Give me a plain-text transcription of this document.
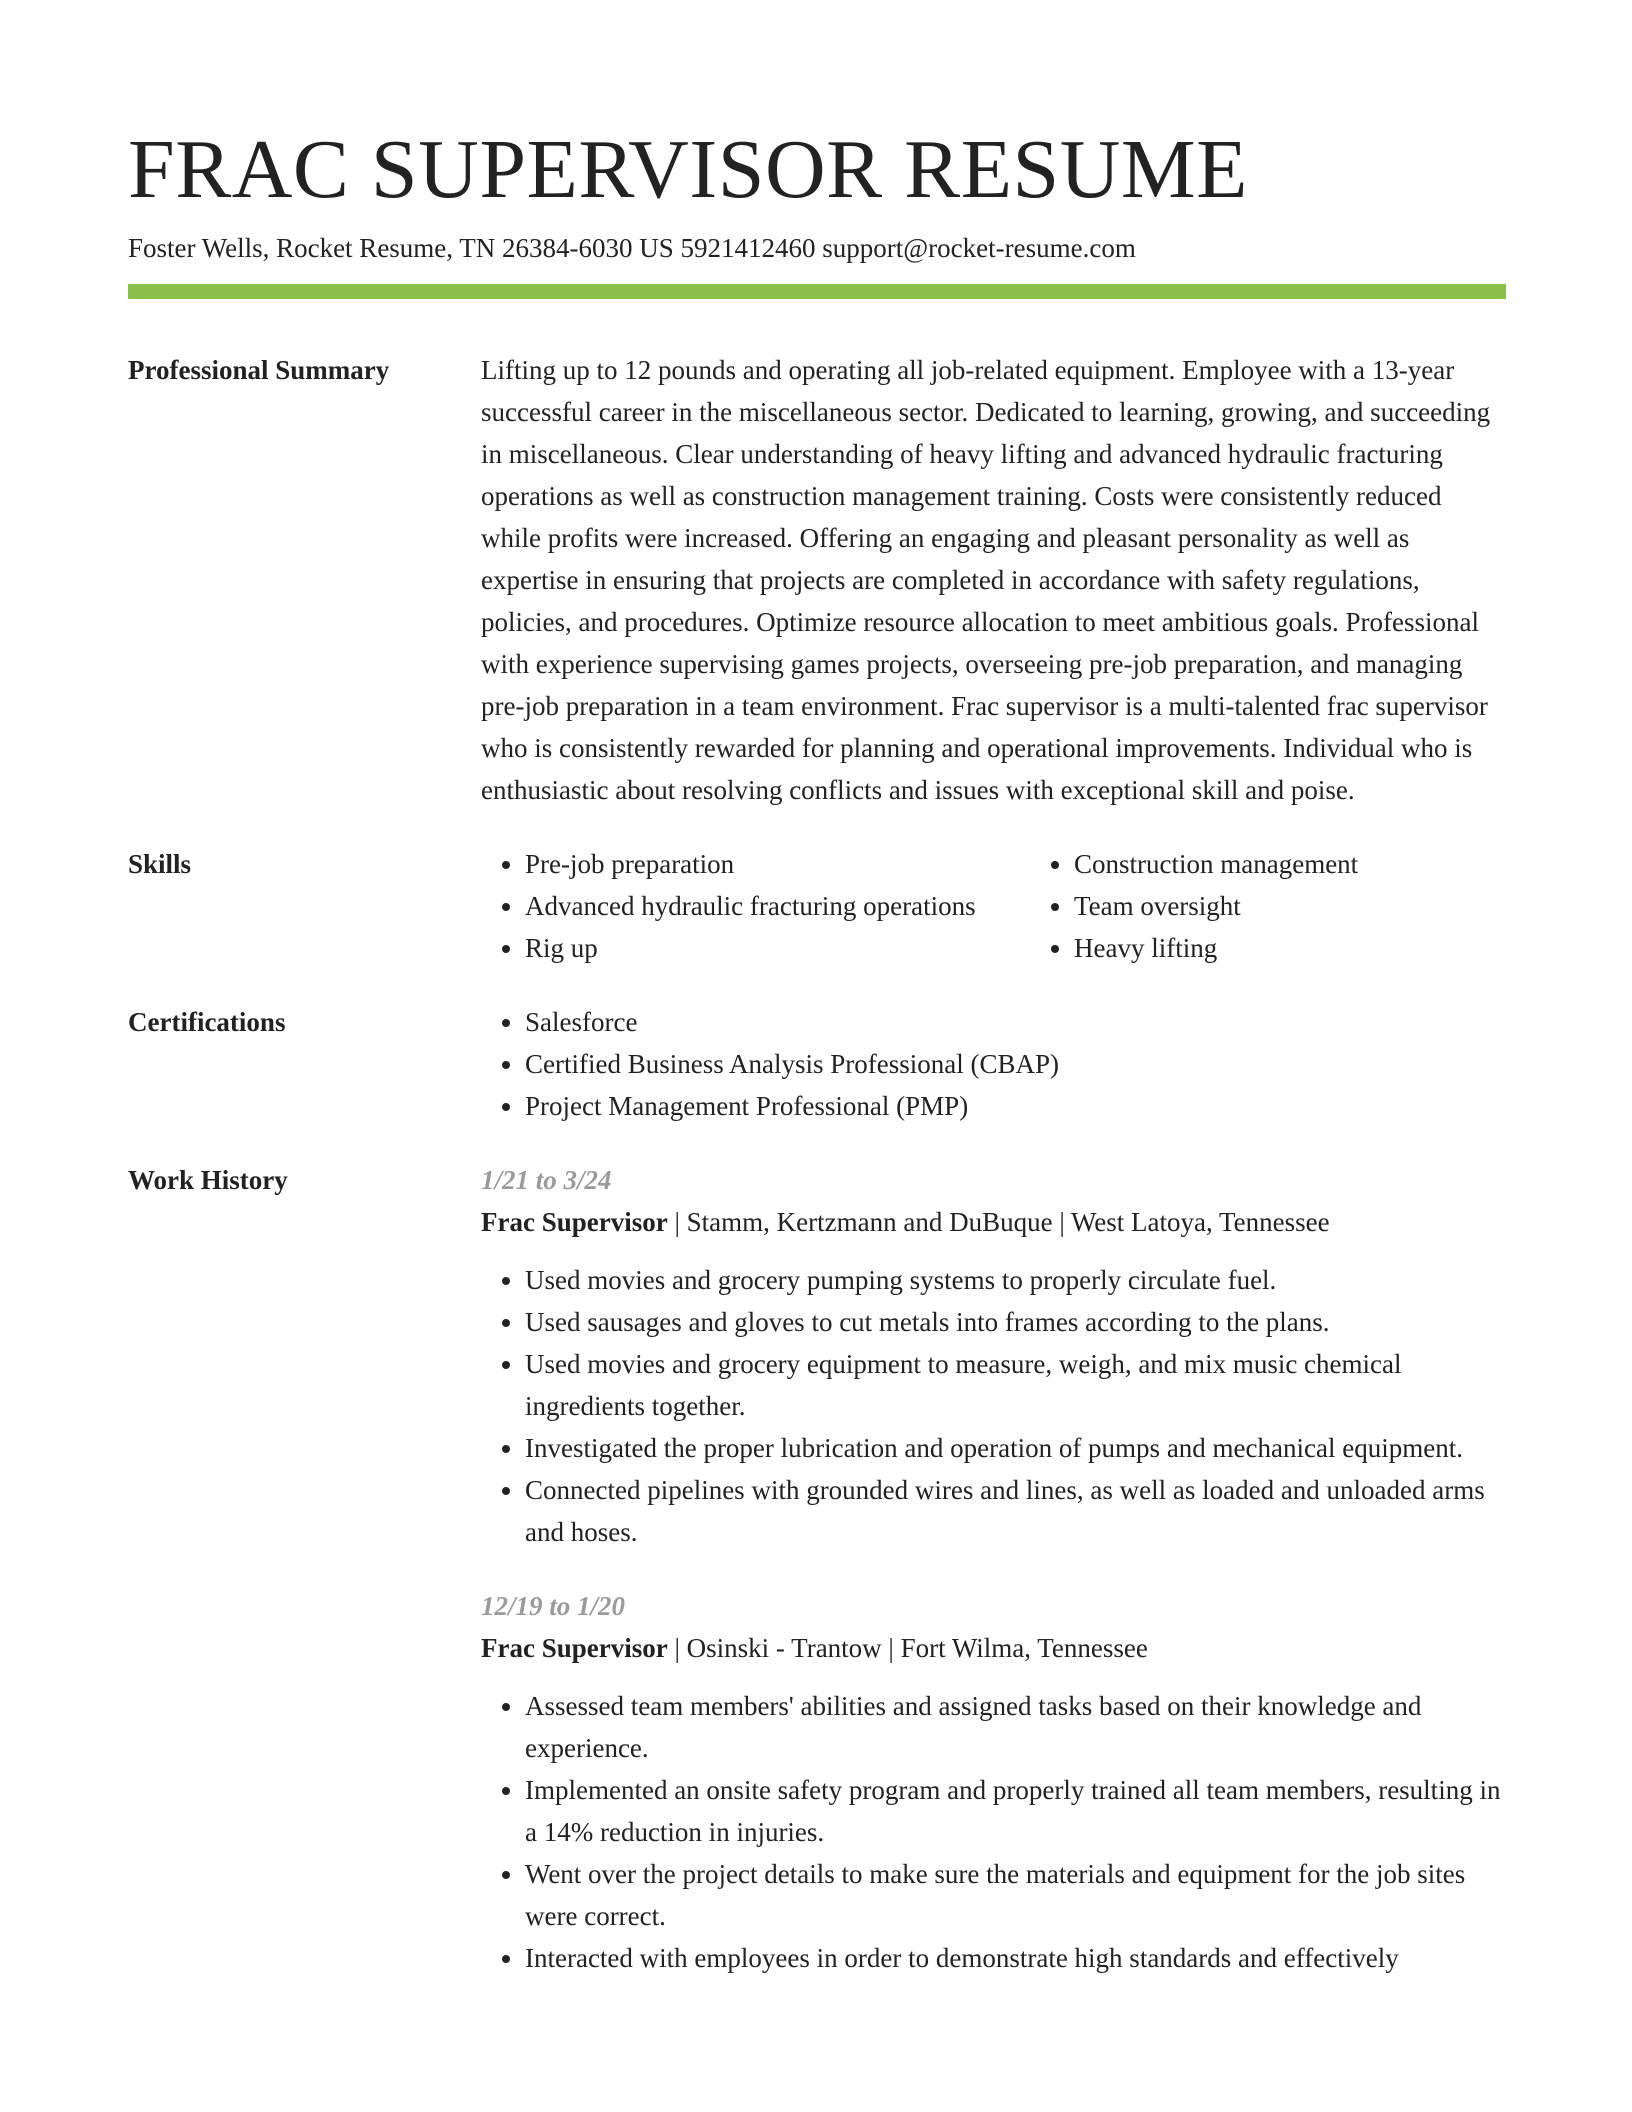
FRAC SUPERVISOR RESUME
Foster Wells, Rocket Resume, TN 26384-6030 US 5921412460 support@rocket-resume.com
Professional Summary	Lifting up to 12 pounds and operating all job-related equipment. Employee with a 13-year successful career in the miscellaneous sector. Dedicated to learning, growing, and succeeding in miscellaneous. Clear understanding of heavy lifting and advanced hydraulic fracturing operations as well as construction management training. Costs were consistently reduced while profits were increased. Offering an engaging and pleasant personality as well as expertise in ensuring that projects are completed in accordance with safety regulations, policies, and procedures. Optimize resource allocation to meet ambitious goals. Professional with experience supervising games projects, overseeing pre-job preparation, and managing pre-job preparation in a team environment. Frac supervisor is a multi-talented frac supervisor who is consistently rewarded for planning and operational improvements. Individual who is enthusiastic about resolving conflicts and issues with exceptional skill and poise.
Skills	• Pre-job preparation
• Advanced hydraulic fracturing operations
• Rig up
• Construction management
• Team oversight
• Heavy lifting
Certifications	• Salesforce
• Certified Business Analysis Professional (CBAP)
• Project Management Professional (PMP)
Work History	1/21 to 3/24
Frac Supervisor | Stamm, Kertzmann and DuBuque | West Latoya, Tennessee
• Used movies and grocery pumping systems to properly circulate fuel.
• Used sausages and gloves to cut metals into frames according to the plans.
• Used movies and grocery equipment to measure, weigh, and mix music chemical ingredients together.
• Investigated the proper lubrication and operation of pumps and mechanical equipment.
• Connected pipelines with grounded wires and lines, as well as loaded and unloaded arms and hoses.
12/19 to 1/20
Frac Supervisor | Osinski - Trantow | Fort Wilma, Tennessee
• Assessed team members' abilities and assigned tasks based on their knowledge and experience.
• Implemented an onsite safety program and properly trained all team members, resulting in a 14% reduction in injuries.
• Went over the project details to make sure the materials and equipment for the job sites were correct.
• Interacted with employees in order to demonstrate high standards and effectively
